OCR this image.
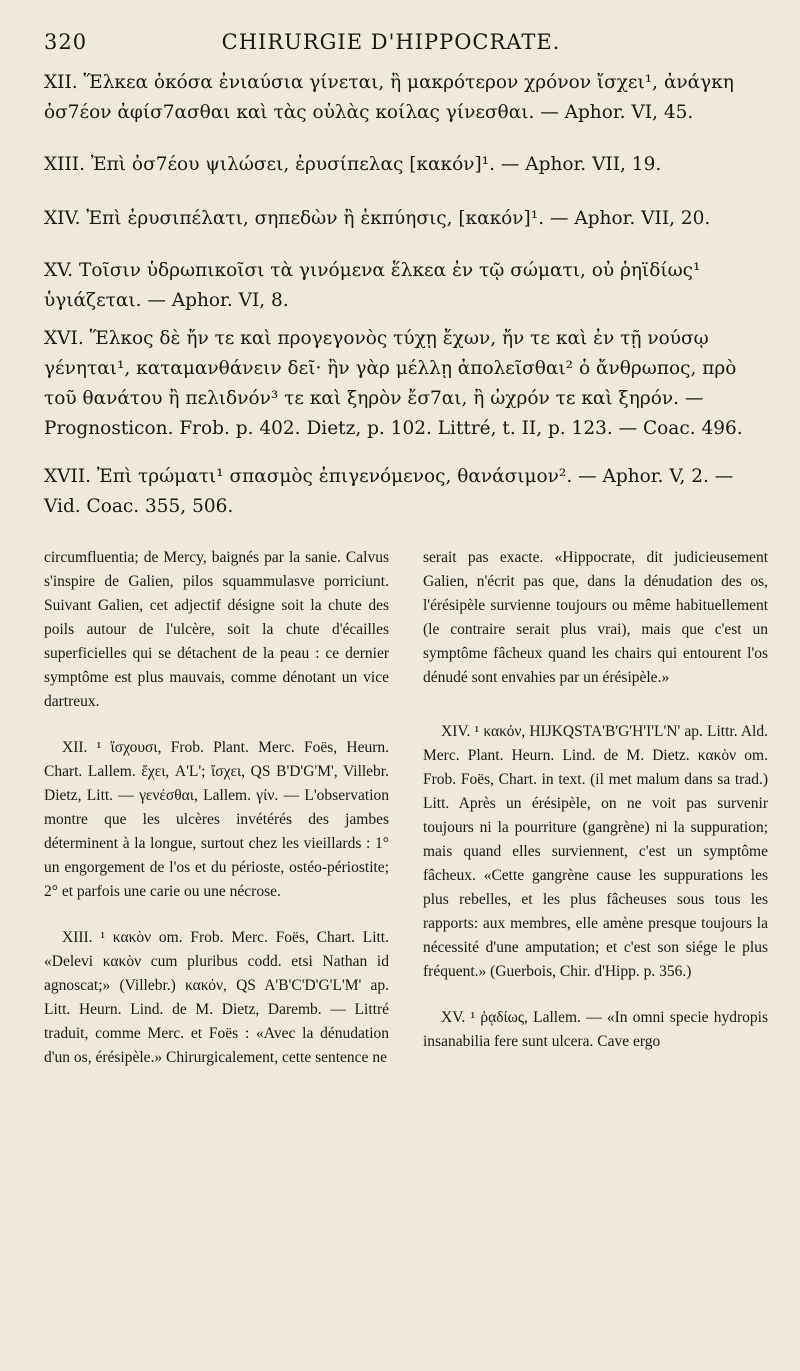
320	CHIRURGIE D'HIPPOCRATE.

XII. Ἕλκεα ὁκόσα ἐνιαύσια γίνεται, ἢ μακρότερον χρόνον ἴσχει¹, ἀνάγκη ὀσ7έον ἀφίσ7ασθαι καὶ τὰς οὐλὰς κοίλας γίνεσθαι. — Aphor. VI, 45.

XIII. Ἐπὶ ὀσ7έου ψιλώσει, ἐρυσίπελας [κακόν]¹. — Aphor. VII, 19.

XIV. Ἐπὶ ἐρυσιπέλατι, σηπεδὼν ἢ ἐκπύησις, [κακόν]¹. — Aphor. VII, 20.

XV. Τοῖσιν ὑδρωπικοῖσι τὰ γινόμενα ἕλκεα ἐν τῷ σώματι, οὐ ῥηϊδίως¹ ὑγιάζεται. — Aphor. VI, 8.

XVI. Ἕλκος δὲ ἤν τε καὶ προγεγονὸς τύχῃ ἔχων, ἤν τε καὶ ἐν τῇ νούσῳ γένηται¹, καταμανθάνειν δεῖ· ἢν γὰρ μέλλῃ ἀπολεῖσθαι² ὁ ἄνθρωπος, πρὸ τοῦ θανάτου ἢ πελιδνόν³ τε καὶ ξηρὸν ἔσ7αι, ἢ ὠχρόν τε καὶ ξηρόν. — Prognosticon. Frob. p. 402. Dietz, p. 102. Littré, t. II, p. 123. — Coac. 496.

XVII. Ἐπὶ τρώματι¹ σπασμὸς ἐπιγενόμενος, θανάσιμον². — Aphor. V, 2. — Vid. Coac. 355, 506.

circumfluentia; de Mercy, baignés par la sanie. Calvus s'inspire de Galien, pilos squammulasve porriciunt. Suivant Galien, cet adjectif désigne soit la chute des poils autour de l'ulcère, soit la chute d'écailles superficielles qui se détachent de la peau : ce dernier symptôme est plus mauvais, comme dénotant un vice dartreux.

XII. ¹ ἴσχουσι, Frob. Plant. Merc. Foës, Heurn. Chart. Lallem. ἔχει, A'L'; ἴσχει, QS B'D'G'M', Villebr. Dietz, Litt. — γενέσθαι, Lallem. γίν. — L'observation montre que les ulcères invétérés des jambes déterminent à la longue, surtout chez les vieillards : 1° un engorgement de l'os et du périoste, ostéo-périostite; 2° et parfois une carie ou une nécrose.

XIII. ¹ κακὸν om. Frob. Merc. Foës, Chart. Litt. «Delevi κακὸν cum pluribus codd. etsi Nathan id agnoscat;» (Villebr.) κακόν, QS A'B'C'D'G'L'M' ap. Litt. Heurn. Lind. de M. Dietz, Daremb. — Littré traduit, comme Merc. et Foës : «Avec la dénudation d'un os, érésipèle.» Chirurgicalement, cette sentence ne

serait pas exacte. «Hippocrate, dit judicieusement Galien, n'écrit pas que, dans la dénudation des os, l'érésipèle survienne toujours ou même habituellement (le contraire serait plus vrai), mais que c'est un symptôme fâcheux quand les chairs qui entourent l'os dénudé sont envahies par un érésipèle.»

XIV. ¹ κακόν, HIJKQSTA'B'G'H'I'L'N' ap. Littr. Ald. Merc. Plant. Heurn. Lind. de M. Dietz. κακὸν om. Frob. Foës, Chart. in text. (il met malum dans sa trad.) Litt. Après un érésipèle, on ne voit pas survenir toujours ni la pourriture (gangrène) ni la suppuration; mais quand elles surviennent, c'est un symptôme fâcheux. «Cette gangrène cause les suppurations les plus rebelles, et les plus fâcheuses sous tous les rapports: aux membres, elle amène presque toujours la nécessité d'une amputation; et c'est son siége le plus fréquent.» (Guerbois, Chir. d'Hipp. p. 356.)

XV. ¹ ῥᾳδίως, Lallem. — «In omni specie hydropis insanabilia fere sunt ulcera. Cave ergo
